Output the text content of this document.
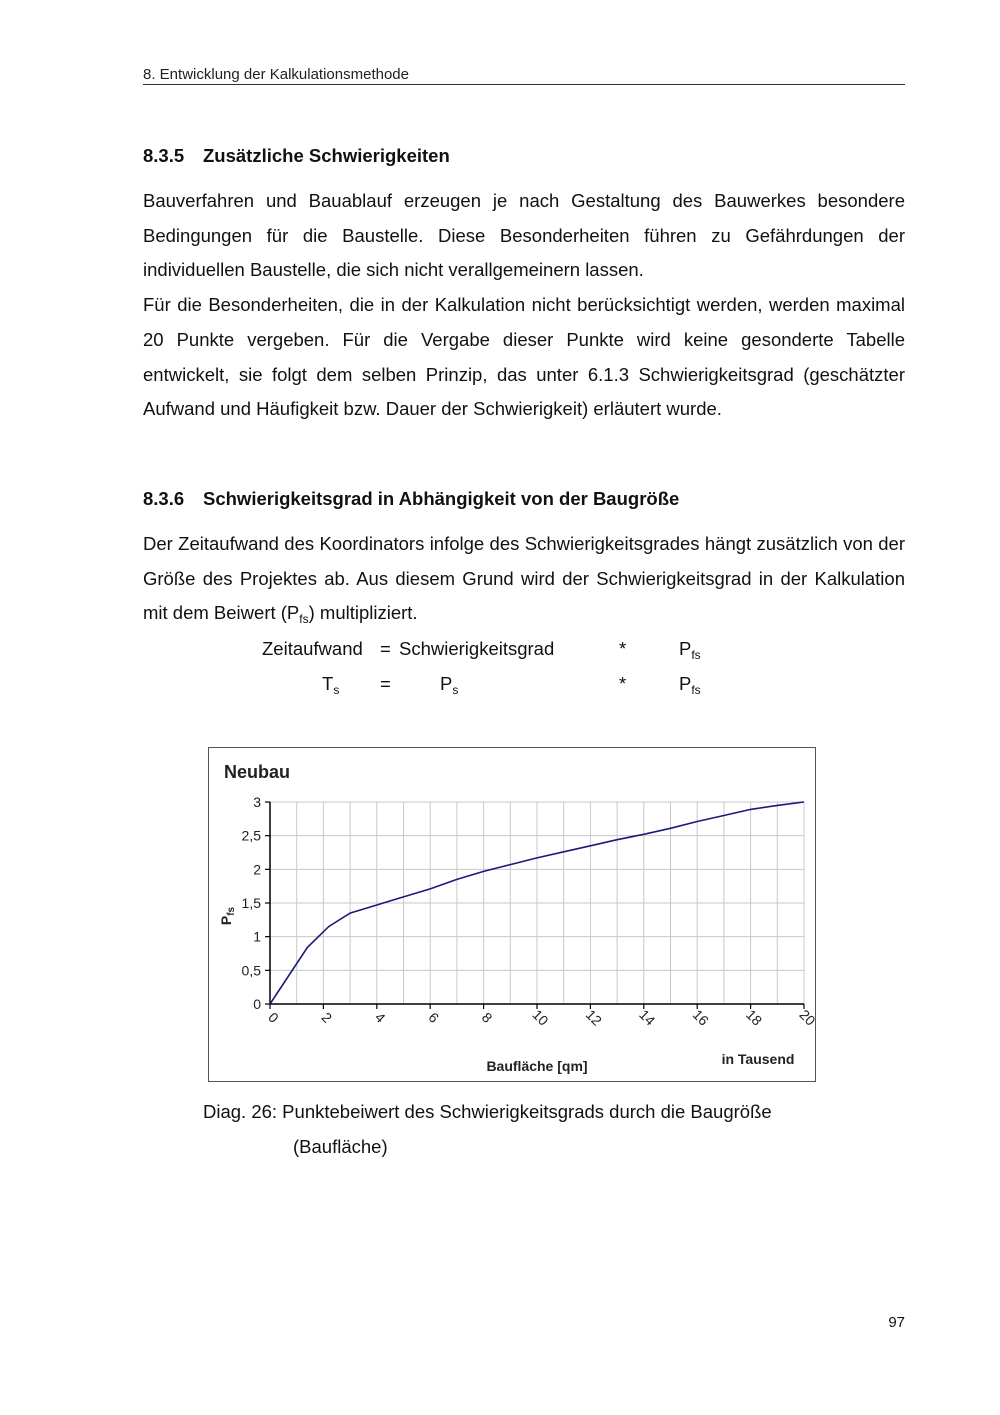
8. Entwicklung der Kalkulationsmethode
8.3.5 Zusätzliche Schwierigkeiten

Bauverfahren und Bauablauf erzeugen je nach Gestaltung des Bauwerkes besondere Bedingungen für die Baustelle. Diese Besonderheiten führen zu Gefährdungen der individuellen Baustelle, die sich nicht verallgemeinern lassen.

Für die Besonderheiten, die in der Kalkulation nicht berücksichtigt werden, werden maximal 20 Punkte vergeben. Für die Vergabe dieser Punkte wird keine gesonderte Tabelle entwickelt, sie folgt dem selben Prinzip, das unter 6.1.3 Schwierigkeitsgrad (geschätzter Aufwand und Häufigkeit bzw. Dauer der Schwierigkeit) erläutert wurde.

8.3.6 Schwierigkeitsgrad in Abhängigkeit von der Baugröße

Der Zeitaufwand des Koordinators infolge des Schwierigkeitsgrades hängt zusätzlich von der Größe des Projektes ab. Aus diesem Grund wird der Schwierigkeitsgrad in der Kalkulation mit dem Beiwert $(P_{fs})$ multipliziert.

Zeitaufwand = Schwierigkeitsgrad	*	$P_{fs}$
$T_s$ =	$P_s$	*	$P_{fs}$
0
0,5
1
1,5
2
2,5
3
0	2	4	6	8 10 12 14 16 18 20
Neubau
$P_{fs}$
Baufläche [qm]	in Tausend
Diag. 26: Punktebeiwert des Schwierigkeitsgrads durch die Baugröße
(Baufläche)
97
